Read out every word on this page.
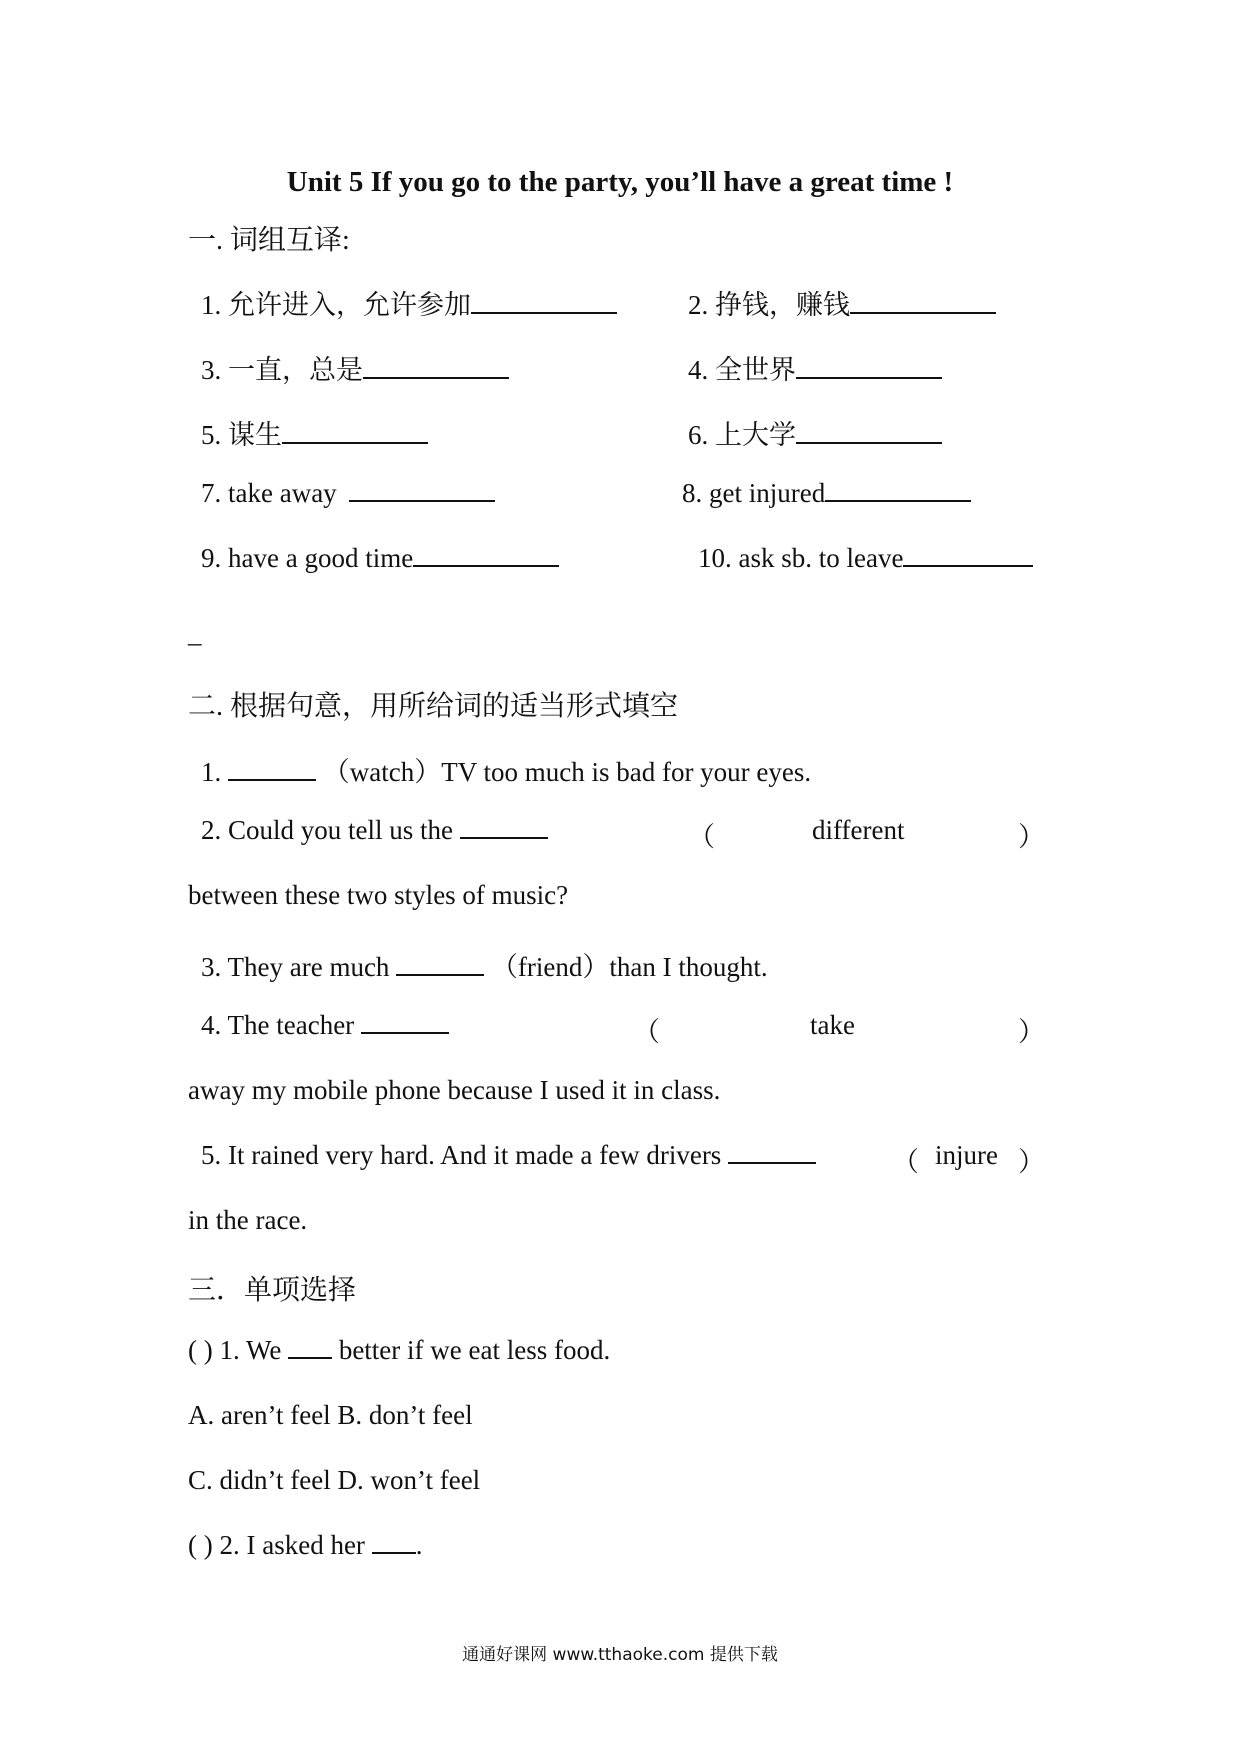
Unit 5 If you go to the party, you’ll have a great time !
一. 词组互译:
1. 允许进入，允许参加	2. 挣钱，赚钱
3. 一直，总是	4. 全世界
5. 谋生	6. 上大学
7. take away	8. get injured
9. have a good time	10. ask sb. to leave
_
二. 根据句意，用所给词的适当形式填空
1.	（watch）TV too much is bad for your eyes.
2. Could you tell us the	（	different	）
between these two styles of music?
3. They are much	（friend）than I thought.
4. The teacher	（	take	）
away my mobile phone because I used it in class.
5. It rained very hard. And it made a few drivers	（ injure ）
in the race.
三．单项选择
( ) 1. We better if we eat less food.
A. aren’t feel B. don’t feel
C. didn’t feel D. won’t feel
( ) 2. I asked her .
通通好课网 www.tthaoke.com 提供下载
